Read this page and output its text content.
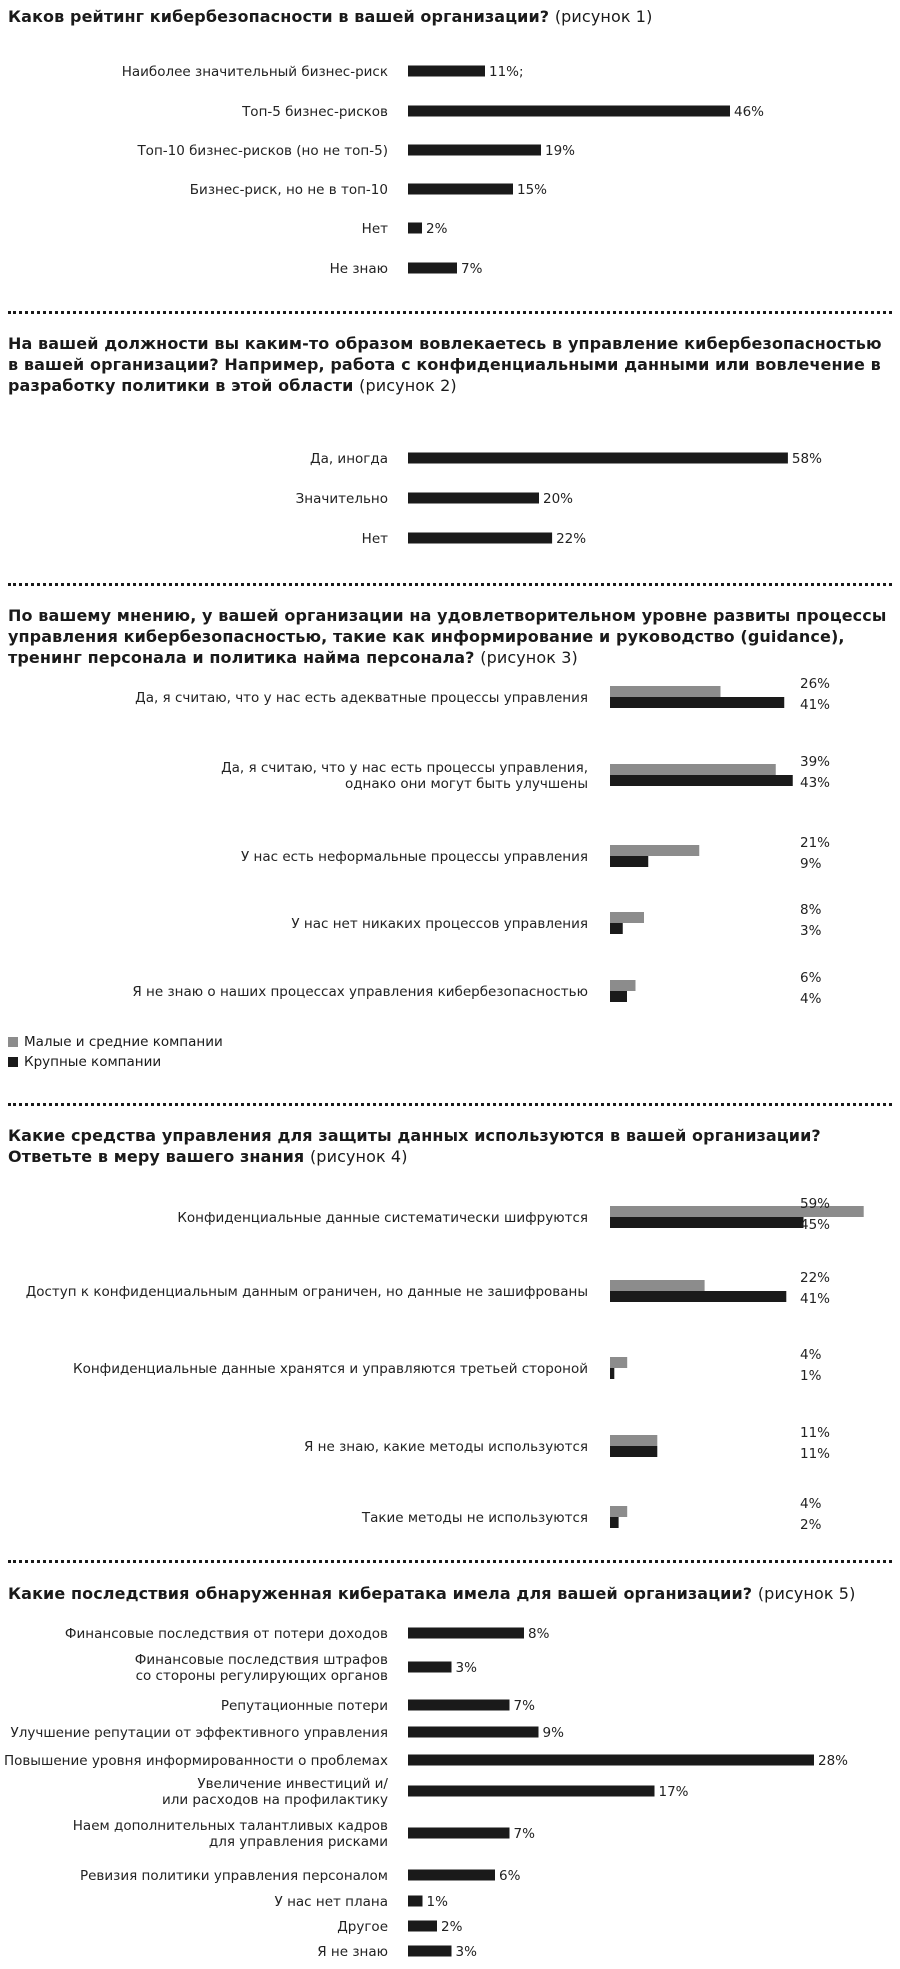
Каков рейтинг кибербезопасности в вашей организации? (рисунок 1)
Наиболее значительный бизнес-риск	11%;
Топ-5 бизнес-рисков	46%
Топ-10 бизнес-рисков (но не топ-5)	19%
Бизнес-риск, но не в топ-10	15%
Нет	2%
Не знаю	7%
На вашей должности вы каким-то образом вовлекаетесь в управление кибербезопасностью в вашей организации? Например, работа с конфиденциальными данными или вовлечение в разработку политики в этой области (рисунок 2)
Да, иногда	58%
Значительно	20%
Нет	22%
По вашему мнению, у вашей организации на удовлетворительном уровне развиты процессы управления кибербезопасностью, такие как информирование и руководство (guidance), тренинг персонала и политика найма персонала? (рисунок 3)
Да, я считаю, что у нас есть адекватные процессы управления
26%
41%
Да, я считаю, что у нас есть процессы управления,
однако они могут быть улучшены
39%
43%
У нас есть неформальные процессы управления
21%
9%
У нас нет никаких процессов управления
8%
3%
Я не знаю о наших процессах управления кибербезопасностью
6%
4%
Малые и средние компании
Крупные компании
Какие средства управления для защиты данных используются в вашей организации? Ответьте в меру вашего знания (рисунок 4)
Конфиденциальные данные систематически шифруются
59%
45%
Доступ к конфиденциальным данным ограничен, но данные не зашифрованы
22%
41%
Конфиденциальные данные хранятся и управляются третьей стороной
4%
1%
Я не знаю, какие методы используются
11%
11%
Такие методы не используются
4%
2%
Какие последствия обнаруженная кибератака имела для вашей организации? (рисунок 5)
Финансовые последствия от потери доходов	8%
Финансовые последствия штрафов
со стороны регулирующих органов	3%
Репутационные потери	7%
Улучшение репутации от эффективного управления	9%
Повышение уровня информированности о проблемах	28%
Увеличение инвестиций и/
или расходов на профилактику	17%
Наем дополнительных талантливых кадров
для управления рисками	7%
Ревизия политики управления персоналом	6%
У нас нет плана	1%
Другое	2%
Я не знаю	3%
